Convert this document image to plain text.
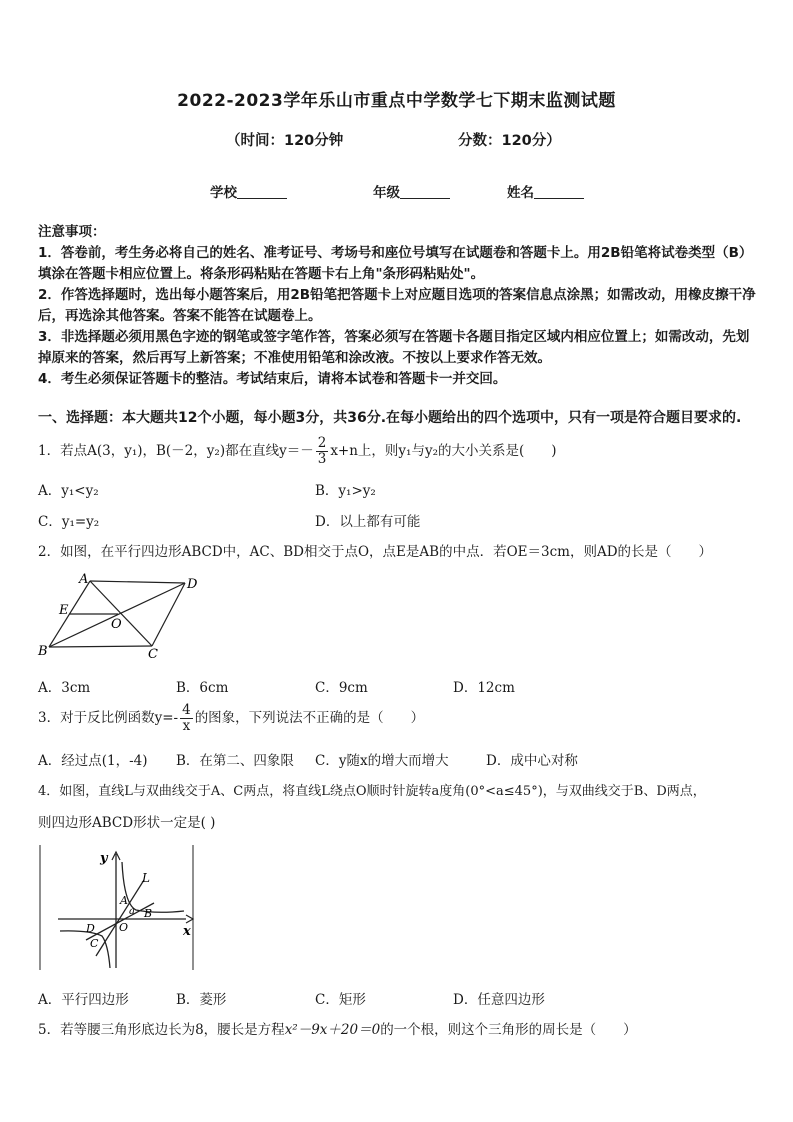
2022-2023学年乐山市重点中学数学七下期末监测试题
（时间：120分钟	分数：120分）
学校	年级	姓名
注意事项：
1．答卷前，考生务必将自己的姓名、准考证号、考场号和座位号填写在试题卷和答题卡上。用2B铅笔将试卷类型（B）填涂在答题卡相应位置上。将条形码粘贴在答题卡右上角"条形码粘贴处"。
2．作答选择题时，选出每小题答案后，用2B铅笔把答题卡上对应题目选项的答案信息点涂黑；如需改动，用橡皮擦干净后，再选涂其他答案。答案不能答在试题卷上。
3．非选择题必须用黑色字迹的钢笔或签字笔作答，答案必须写在答题卡各题目指定区域内相应位置上；如需改动，先划掉原来的答案，然后再写上新答案；不准使用铅笔和涂改液。不按以上要求作答无效。
4．考生必须保证答题卡的整洁。考试结束后，请将本试卷和答题卡一并交回。
一、选择题：本大题共12个小题，每小题3分，共36分.在每小题给出的四个选项中，只有一项是符合题目要求的.
1．若点A(3，y₁)，B(－2，y₂)都在直线$y=- \frac{2}{3} x+n$上，则y₁与y₂的大小关系是(　　)
A．y₁<y₂	B．y₁>y₂
C．y₁=y₂	D．以上都有可能
2．如图，在平行四边形ABCD中，AC、BD相交于点O，点E是AB的中点．若OE＝3cm，则AD的长是（　　）
A	D
E
O
B	C
A．3cm	B．6cm	C．9cm	D．12cm
3．对于反比例函数$y=- \frac{4}{x}$ 的图象，下列说法不正确的是（　　）
A．经过点(1，-4) B．在第二、四象限 C．y随x的增大而增大	D．成中心对称
4．如图，直线L与双曲线交于A、C两点，将直线L绕点O顺时针旋转a度角(0°<a≤45°)，与双曲线交于B、D两点，
则四边形ABCD形状一定是( )
y
L
A
a B
O
D
C
x
A．平行四边形	B．菱形	C．矩形	D．任意四边形
5．若等腰三角形底边长为8，腰长是方程x²－9x＋20＝0的一个根，则这个三角形的周长是（　　）
